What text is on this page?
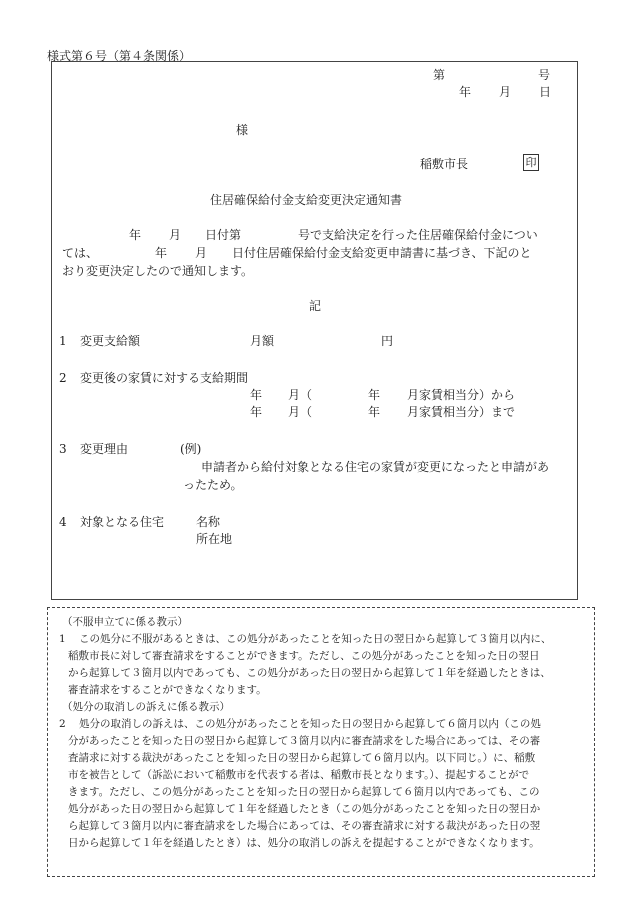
様式第６号（第４条関係）
第	号
年 月 日
様
稲敷市長	印
住居確保給付金支給変更決定通知書
年 月 日付第	号で支給決定を行った住居確保給付金につい
ては、	年 月 日付住居確保給付金支給変更申請書に基づき、下記のと
おり変更決定したので通知します。
記
1 変更支給額	月額	円
2 変更後の家賃に対する支給期間
年 月（	年 月家賃相当分）から
年 月（	年 月家賃相当分）まで
3 変更理由	(例)
申請者から給付対象となる住宅の家賃が変更になったと申請があ
ったため。
4 対象となる住宅	名称
所在地
（不服申立てに係る教示）
1 この処分に不服があるときは、この処分があったことを知った日の翌日から起算して３箇月以内に、
稲敷市長に対して審査請求をすることができます。ただし、この処分があったことを知った日の翌日
から起算して３箇月以内であっても、この処分があった日の翌日から起算して１年を経過したときは、
審査請求をすることができなくなります。
（処分の取消しの訴えに係る教示）
2 処分の取消しの訴えは、この処分があったことを知った日の翌日から起算して６箇月以内（この処
分があったことを知った日の翌日から起算して３箇月以内に審査請求をした場合にあっては、その審
査請求に対する裁決があったことを知った日の翌日から起算して６箇月以内。以下同じ。）に、稲敷
市を被告として（訴訟において稲敷市を代表する者は、稲敷市長となります。）、提起することがで
きます。ただし、この処分があったことを知った日の翌日から起算して６箇月以内であっても、この
処分があった日の翌日から起算して１年を経過したとき（この処分があったことを知った日の翌日か
ら起算して３箇月以内に審査請求をした場合にあっては、その審査請求に対する裁決があった日の翌
日から起算して１年を経過したとき）は、処分の取消しの訴えを提起することができなくなります。
